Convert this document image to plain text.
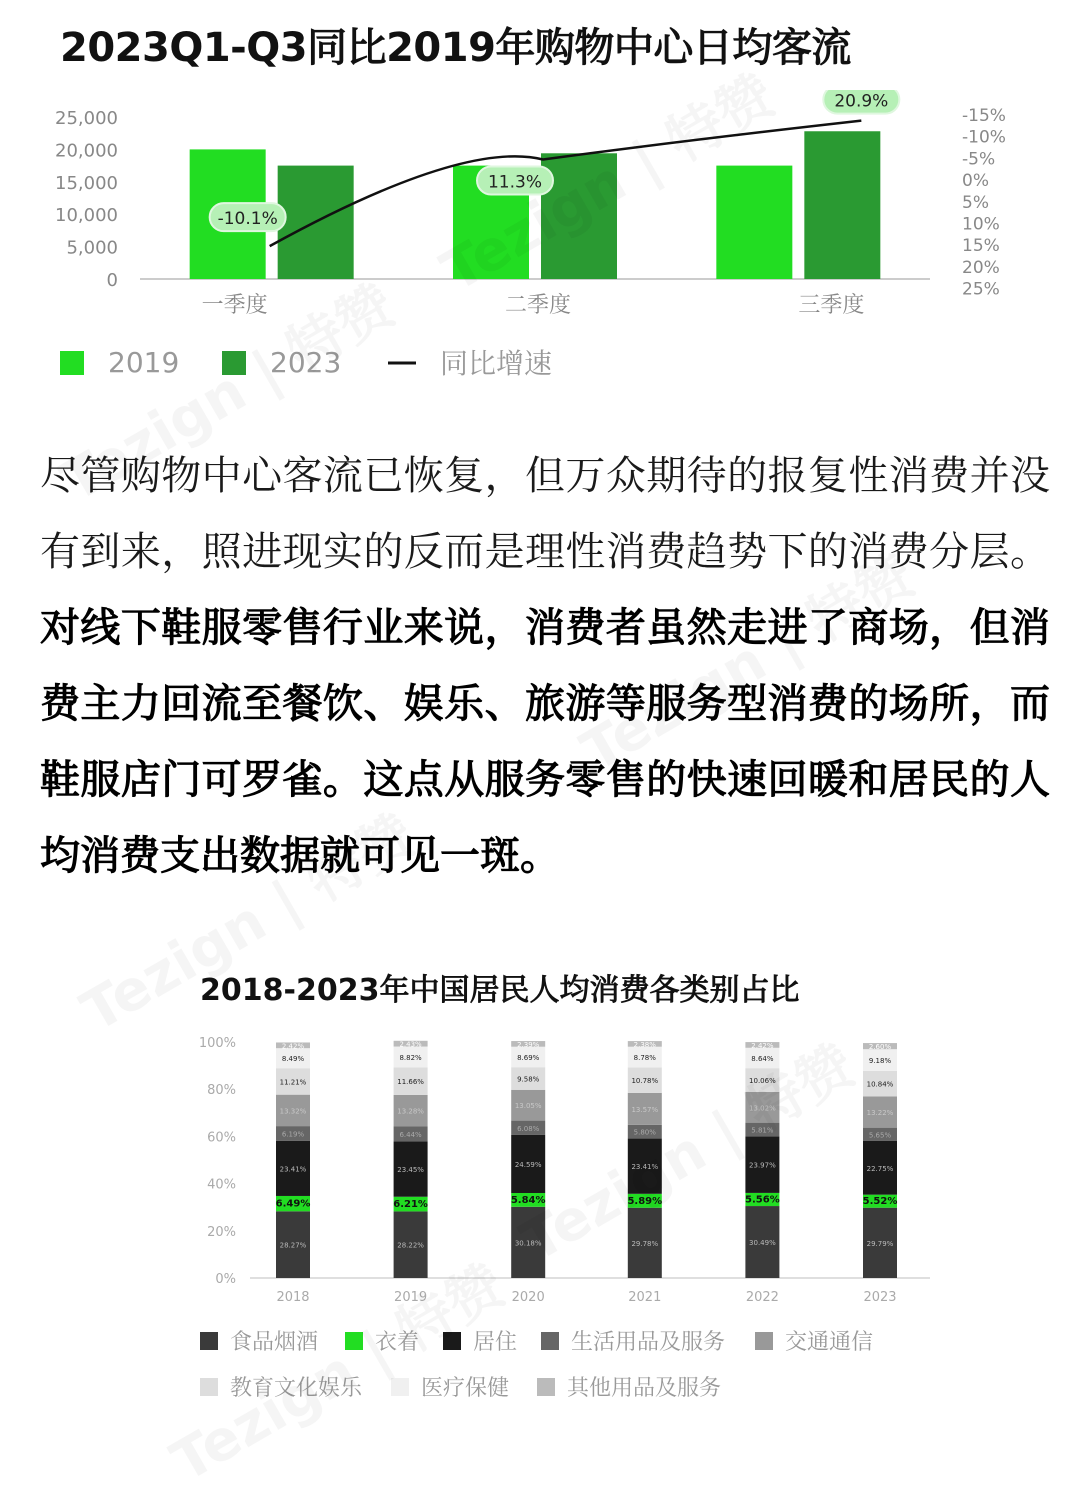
2023Q1-Q3同比2019年购物中心日均客流
0
5,000
10,000
15,000
20,000
25,000	-15%
-10%
-5%
0%
5%
10%
15%
20%
25%
一季度	二季度	三季度
-10.1%
11.3%
20.9%
2019	2023	同比增速

尽管购物中心客流已恢复，但万众期待的报复性消费并没有到来，照进现实的反而是理性消费趋势下的消费分层。对线下鞋服零售行业来说，消费者虽然走进了商场，但消费主力回流至餐饮、娱乐、旅游等服务型消费的场所，而鞋服店门可罗雀。这点从服务零售的快速回暖和居民的人均消费支出数据就可见一斑。

2018-2023年中国居民人均消费各类别占比
0%
20%
40%
60%
80%
100%
28.27%
6.49%
23.41%
6.19%
13.32%
11.21%
8.49%
2.42%
2018
28.22%
6.21%
23.45%
6.44%
13.28%
11.66%
8.82%
2.43%
2019
30.18%
5.84%
24.59%
6.08%
13.05%
9.58%
8.69%
2.39%
2020
29.78%
5.89%
23.41%
5.80%
13.57%
10.78%
8.78%
2.38%
2021
30.49%
5.56%
23.97%
5.81%
13.02%
10.06%
8.64%
2.42%
2022
29.79%
5.52%
22.75%
5.65%
13.22%
10.84%
9.18%
2.60%
2023
食品烟酒	衣着 居住 生活用品及服务	交通通信
教育文化娱乐	医疗保健	其他用品及服务
